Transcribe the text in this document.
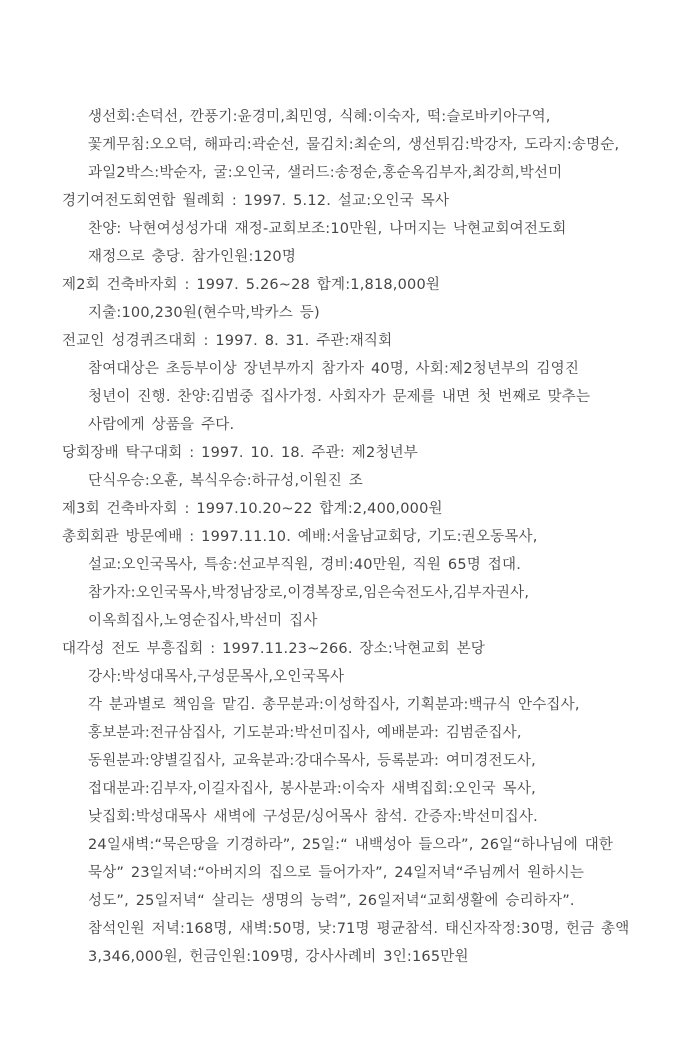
생선회:손덕선, 깐풍기:윤경미,최민영, 식혜:이숙자, 떡:슬로바키아구역,
꽃게무침:오오덕, 해파리:곽순선, 물김치:최순의, 생선튀김:박강자, 도라지:송명순,
과일2박스:박순자, 굴:오인국, 샐러드:송정순,홍순옥김부자,최강희,박선미
경기여전도회연합 월례회 : 1997. 5.12. 설교:오인국 목사
찬양: 낙현여성성가대 재정-교회보조:10만원, 나머지는 낙현교회여전도회
재정으로 충당. 참가인원:120명
제2회 건축바자회 : 1997. 5.26~28 합계:1,818,000원
지출:100,230원(현수막,박카스 등)
전교인 성경퀴즈대회 : 1997. 8. 31. 주관:재직회
참여대상은 초등부이상 장년부까지 참가자 40명, 사회:제2청년부의 김영진
청년이 진행. 찬양:김범중 집사가정. 사회자가 문제를 내면 첫 번째로 맞추는
사람에게 상품을 주다.
당회장배 탁구대회 : 1997. 10. 18. 주관: 제2청년부
단식우승:오훈, 복식우승:하규성,이원진 조
제3회 건축바자회 : 1997.10.20~22 합계:2,400,000원
총회회관 방문예배 : 1997.11.10. 예배:서울남교회당, 기도:권오동목사,
설교:오인국목사, 특송:선교부직원, 경비:40만원, 직원 65명 접대.
참가자:오인국목사,박정남장로,이경복장로,임은숙전도사,김부자권사,
이옥희집사,노영순집사,박선미 집사
대각성 전도 부흥집회 : 1997.11.23~266. 장소:낙현교회 본당
강사:박성대목사,구성문목사,오인국목사
각 분과별로 책임을 맡김. 총무분과:이성학집사, 기획분과:백규식 안수집사,
홍보분과:전규삼집사, 기도분과:박선미집사, 예배분과: 김범준집사,
동원분과:양별길집사, 교육분과:강대수목사, 등록분과: 여미경전도사,
접대분과:김부자,이길자집사, 봉사분과:이숙자 새벽집회:오인국 목사,
낮집회:박성대목사 새벽에 구성문/싱어목사 참석. 간증자:박선미집사.
24일새벽:“묵은땅을 기경하라”, 25일:“ 내백성아 들으라”, 26일“하나님에 대한
묵상” 23일저녁:“아버지의 집으로 들어가자”, 24일저녁“주님께서 원하시는
성도”, 25일저녁“ 살리는 생명의 능력”, 26일저녁“교회생활에 승리하자”.
참석인원 저녁:168명, 새벽:50명, 낮:71명 평균참석. 태신자작정:30명, 헌금 총액
3,346,000원, 헌금인원:109명, 강사사례비 3인:165만원
